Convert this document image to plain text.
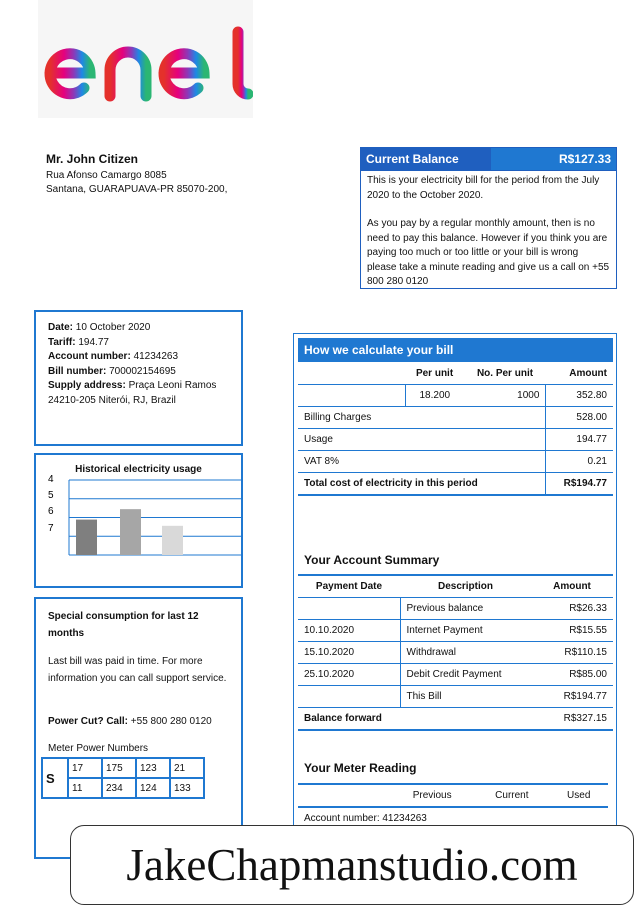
Mr. John Citizen
Rua Afonso Camargo 8085
Santana, GUARAPUAVA-PR 85070-200,
Current Balance	R$127.33
This is your electricity bill for the period from the July 2020 to the October 2020.
As you pay by a regular monthly amount, then is no need to pay this balance. However if you think you are paying too much or too little or your bill is wrong please take a minute reading and give us a call on +55 800 280 0120
Date: 10 October 2020
Tariff: 194.77
Account number: 41234263
Bill number: 700002154695
Supply address: Praça Leoni Ramos
24210-205 Niterói, RJ, Brazil
Historical electricity usage
4
5
6
7
Special consumption for last 12 months
Last bill was paid in time. For more information you can call support service.
Power Cut? Call: +55 800 280 0120
Meter Power Numbers
S	17	175	123	21
	11	234	124	133
How we calculate your bill
	Per unit	No. Per unit	Amount
	18.200	1000	352.80
Billing Charges			528.00
Usage			194.77
VAT 8%			0.21
Total cost of electricity in this period			R$194.77
Your Account Summary
Payment Date	Description	Amount
	Previous balance	R$26.33
10.10.2020	Internet Payment	R$15.55
15.10.2020	Withdrawal	R$110.15
25.10.2020	Debit Credit Payment	R$85.00
	This Bill	R$194.77
Balance forward		R$327.15
Your Meter Reading
	Previous	Current	Used
Account number: 41234263
JakeChapmanstudio.com
